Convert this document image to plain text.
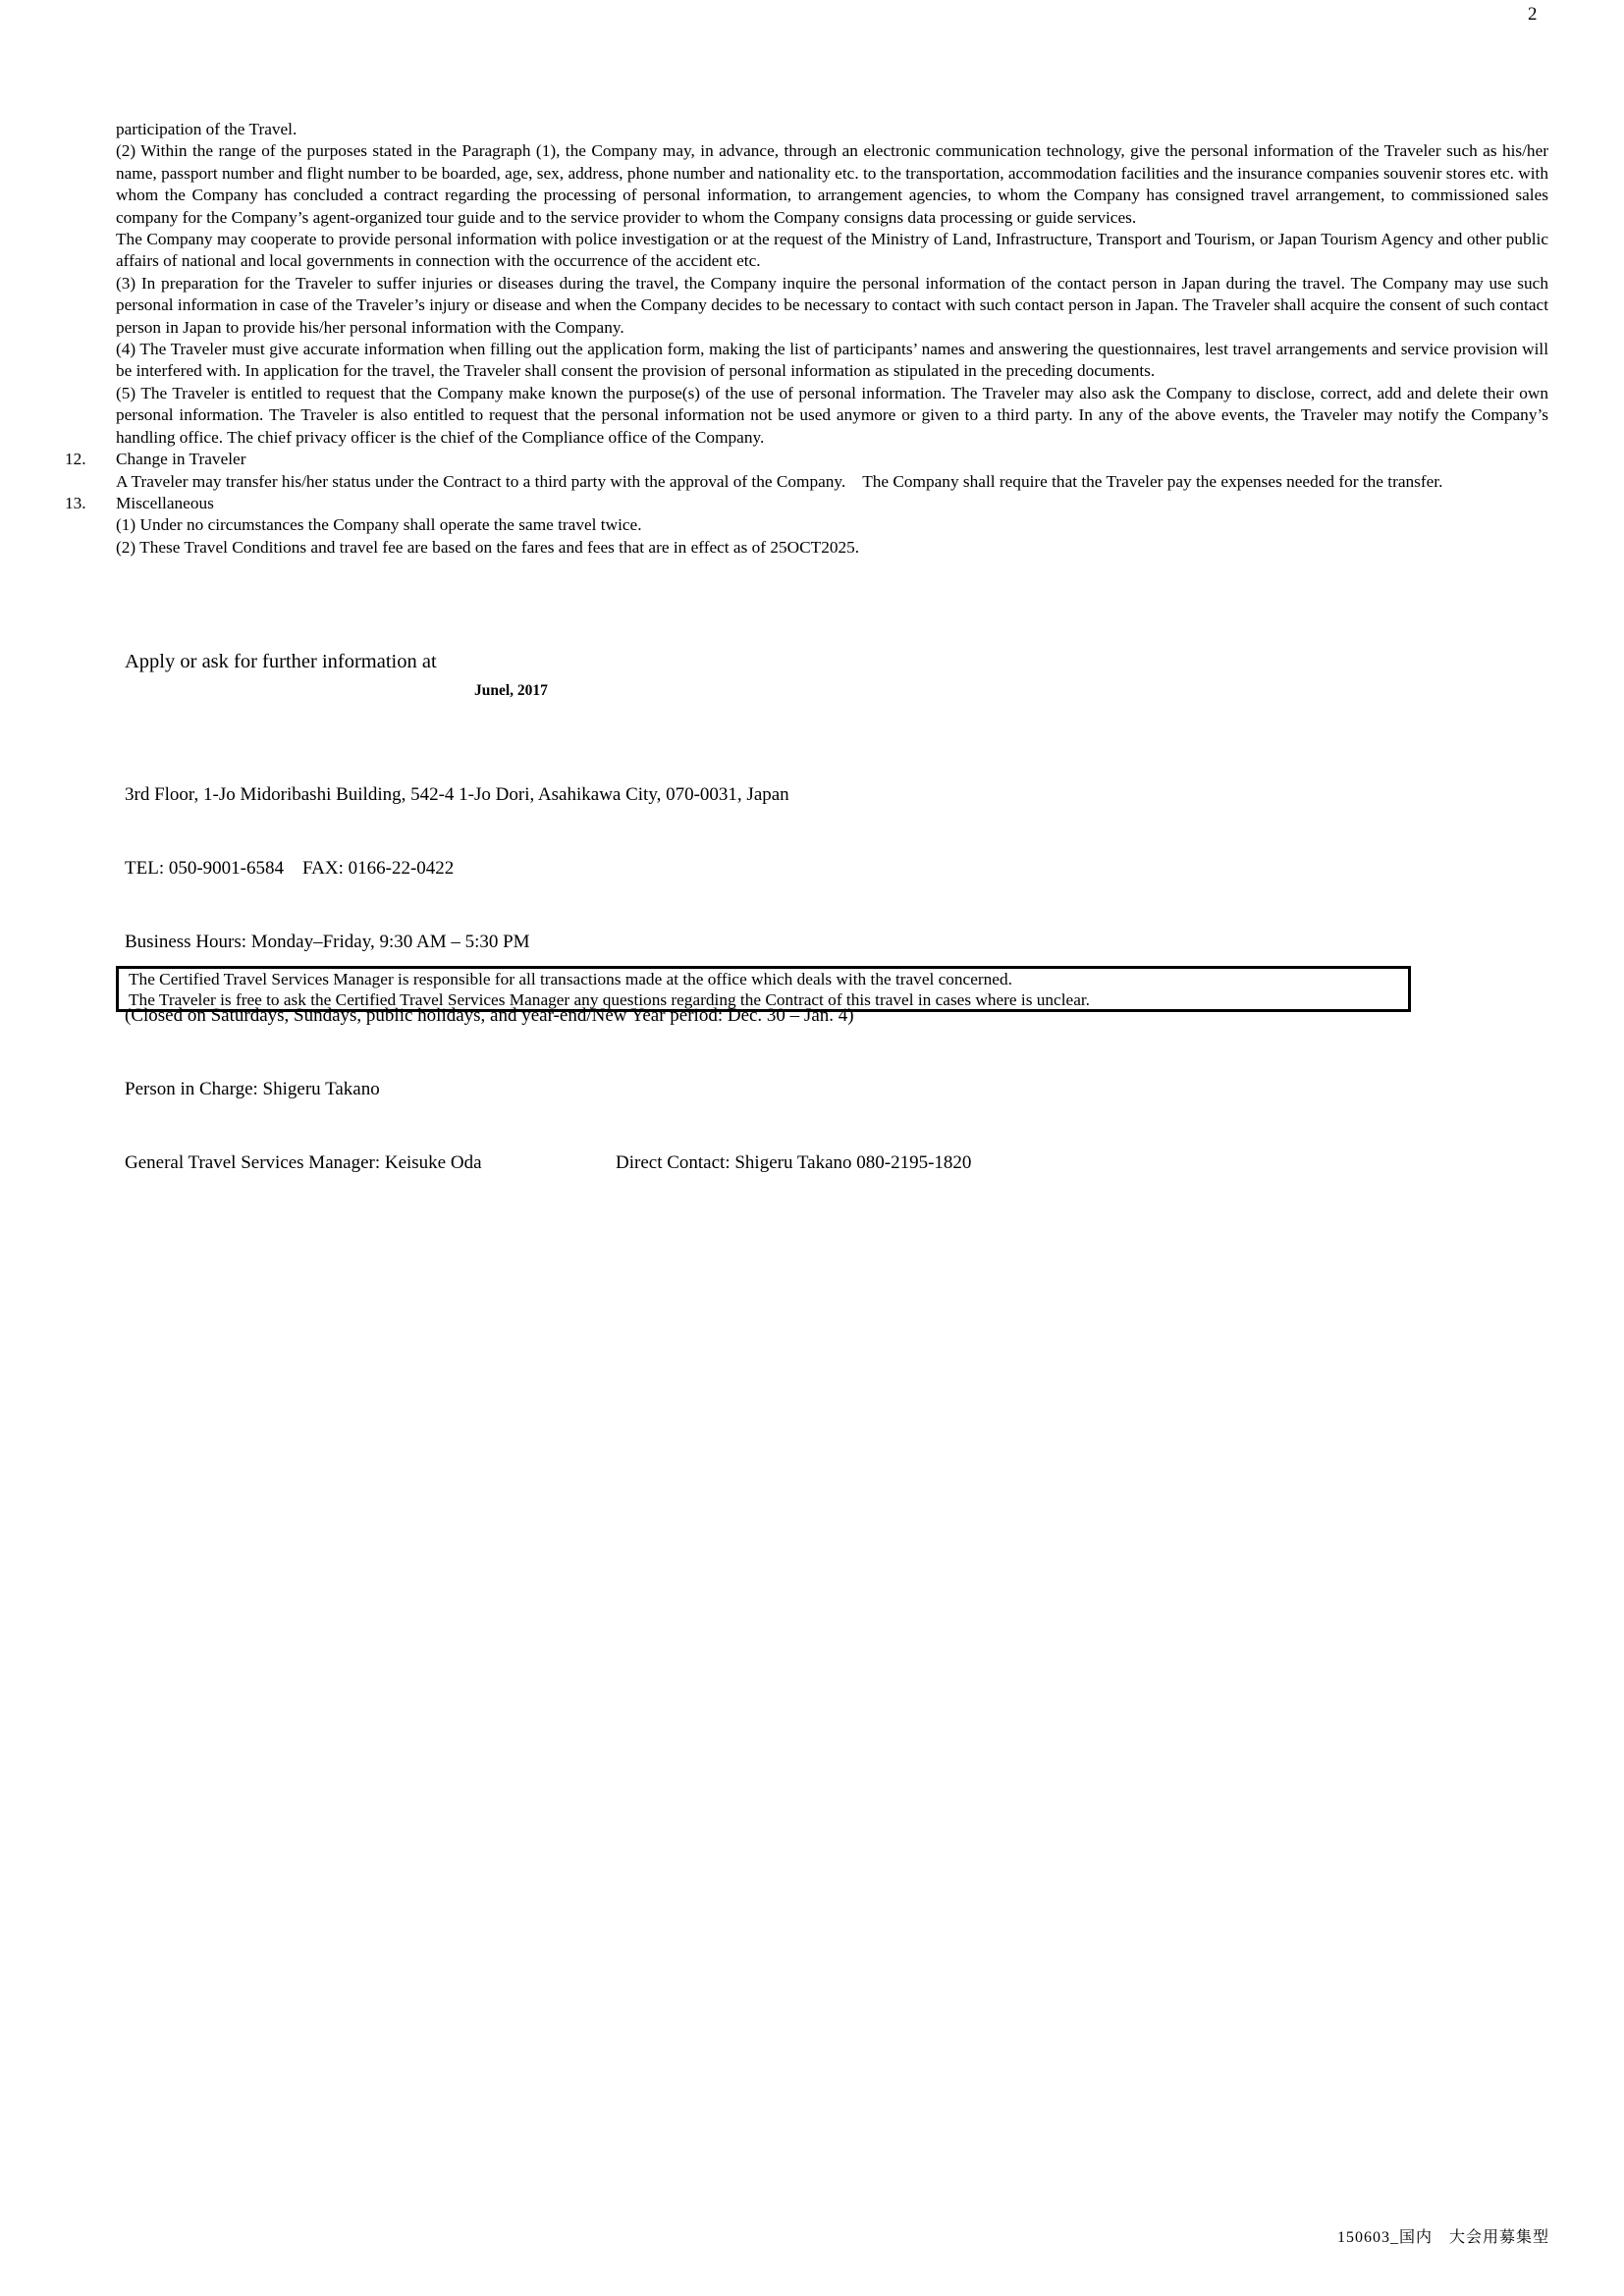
2

participation of the Travel.

(2) Within the range of the purposes stated in the Paragraph (1), the Company may, in advance, through an electronic communication technology, give the personal information of the Traveler such as his/her name, passport number and flight number to be boarded, age, sex, address, phone number and nationality etc. to the transportation, accommodation facilities and the insurance companies souvenir stores etc. with whom the Company has concluded a contract regarding the processing of personal information, to arrangement agencies, to whom the Company has consigned travel arrangement, to commissioned sales company for the Company’s agent-organized tour guide and to the service provider to whom the Company consigns data processing or guide services.

The Company may cooperate to provide personal information with police investigation or at the request of the Ministry of Land, Infrastructure, Transport and Tourism, or Japan Tourism Agency and other public affairs of national and local governments in connection with the occurrence of the accident etc.

(3) In preparation for the Traveler to suffer injuries or diseases during the travel, the Company inquire the personal information of the contact person in Japan during the travel. The Company may use such personal information in case of the Traveler’s injury or disease and when the Company decides to be necessary to contact with such contact person in Japan. The Traveler shall acquire the consent of such contact person in Japan to provide his/her personal information with the Company.

(4) The Traveler must give accurate information when filling out the application form, making the list of participants’ names and answering the questionnaires, lest travel arrangements and service provision will be interfered with. In application for the travel, the Traveler shall consent the provision of personal information as stipulated in the preceding documents.

(5) The Traveler is entitled to request that the Company make known the purpose(s) of the use of personal information. The Traveler may also ask the Company to disclose, correct, add and delete their own personal information. The Traveler is also entitled to request that the personal information not be used anymore or given to a third party. In any of the above events, the Traveler may notify the Company’s handling office. The chief privacy officer is the chief of the Compliance office of the Company.

12. Change in Traveler

A Traveler may transfer his/her status under the Contract to a third party with the approval of the Company.    The Company shall require that the Traveler pay the expenses needed for the transfer.

13. Miscellaneous

(1) Under no circumstances the Company shall operate the same travel twice.

(2) These Travel Conditions and travel fee are based on the fares and fees that are in effect as of 25OCT2025.

Apply or ask for further information at
Junel, 2017

3rd Floor, 1-Jo Midoribashi Building, 542-4 1-Jo Dori, Asahikawa City, 070-0031, Japan

TEL: 050-9001-6584    FAX: 0166-22-0422

Business Hours: Monday–Friday, 9:30 AM – 5:30 PM

(Closed on Saturdays, Sundays, public holidays, and year-end/New Year period: Dec. 30 – Jan. 4)

Person in Charge: Shigeru Takano

General Travel Services Manager: Keisuke Oda	Direct Contact: Shigeru Takano 080-2195-1820

The Certified Travel Services Manager is responsible for all transactions made at the office which deals with the travel concerned.
The Traveler is free to ask the Certified Travel Services Manager any questions regarding the Contract of this travel in cases where is unclear.
150603_国内　大会用募集型
